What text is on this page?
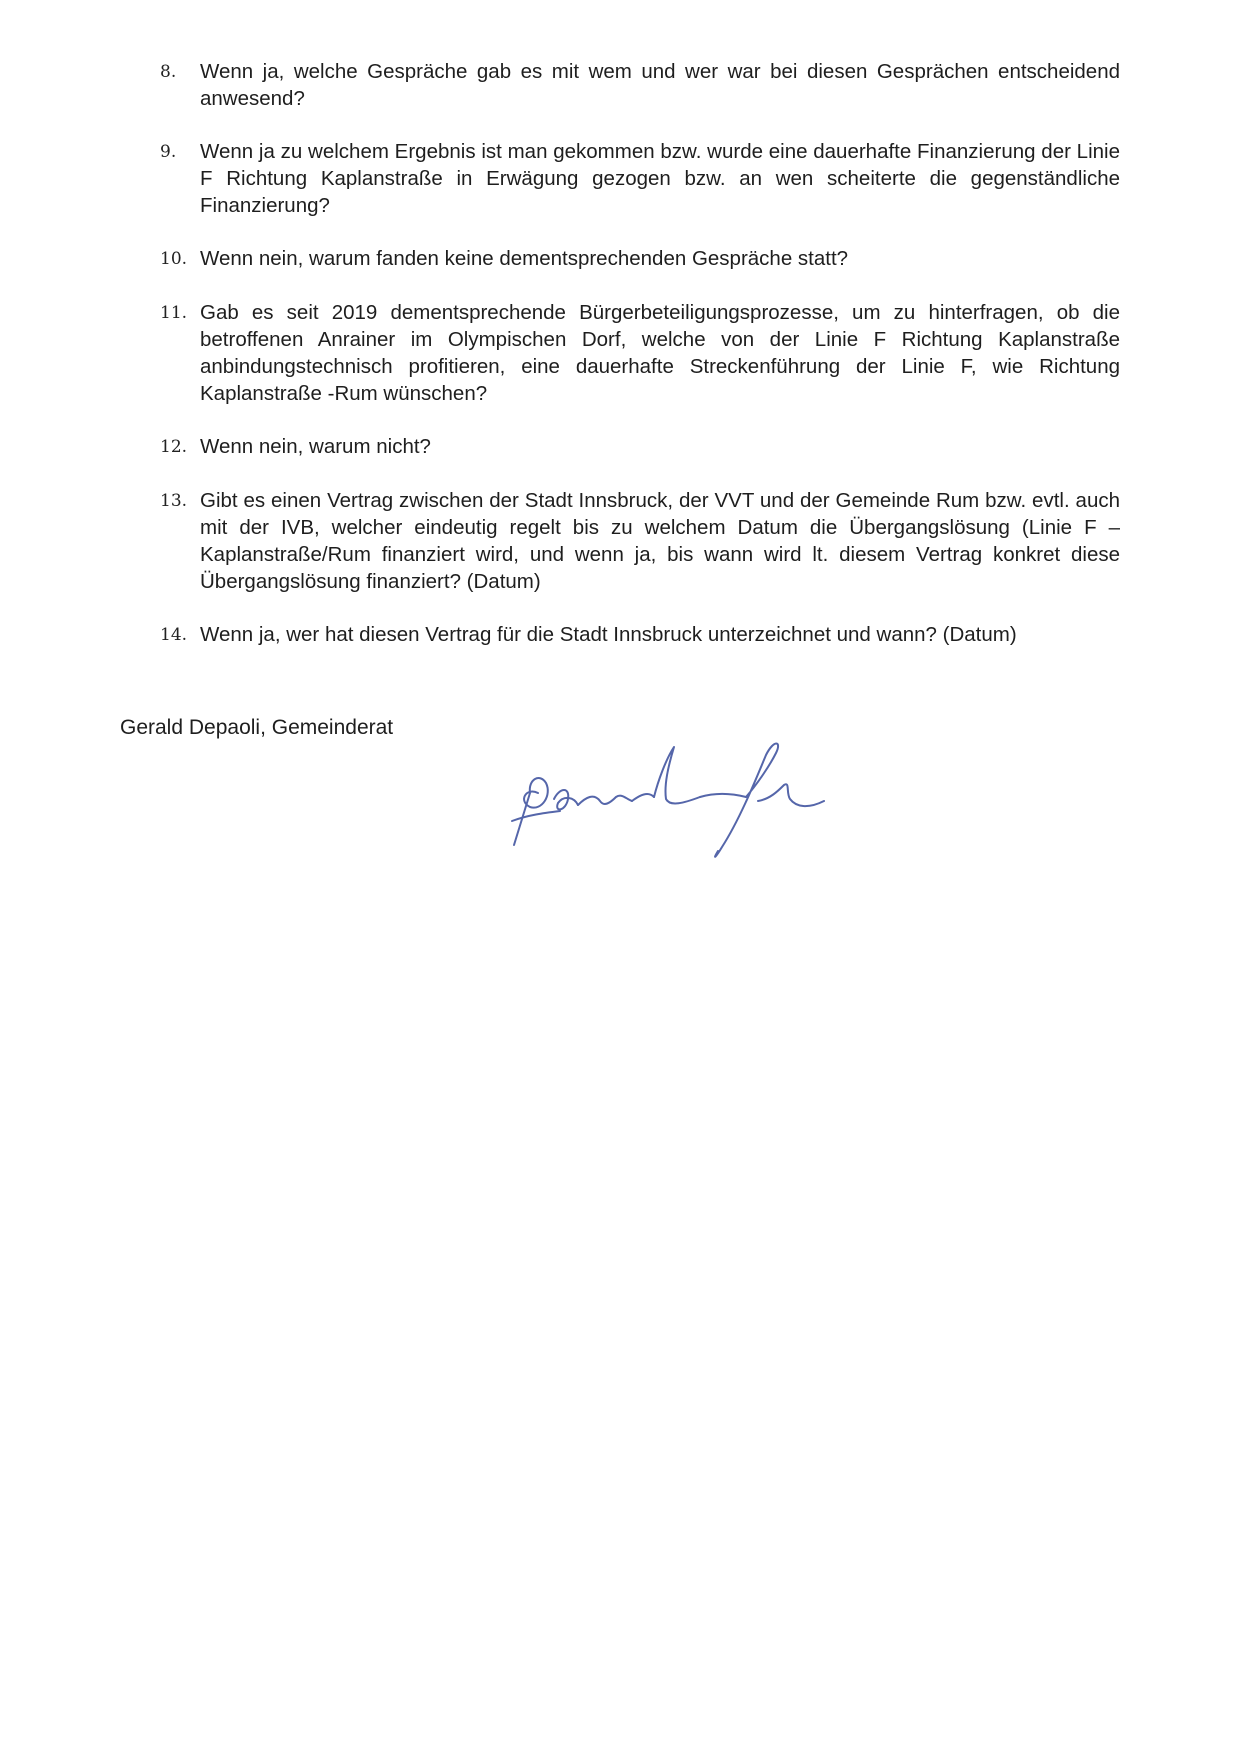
8.	Wenn ja, welche Gespräche gab es mit wem und wer war bei diesen Gesprächen entscheidend anwesend?
9.	Wenn ja zu welchem Ergebnis ist man gekommen bzw. wurde eine dauerhafte Finanzierung der Linie F Richtung Kaplanstraße in Erwägung gezogen bzw. an wen scheiterte die gegenständliche Finanzierung?
10. Wenn nein, warum fanden keine dementsprechenden Gespräche statt?
11. Gab es seit 2019 dementsprechende Bürgerbeteiligungsprozesse, um zu hinterfragen, ob die betroffenen Anrainer im Olympischen Dorf, welche von der Linie F Richtung Kaplanstraße anbindungstechnisch profitieren, eine dauerhafte Streckenführung der Linie F, wie Richtung Kaplanstraße -Rum wünschen?
12. Wenn nein, warum nicht?
13. Gibt es einen Vertrag zwischen der Stadt Innsbruck, der VVT und der Gemeinde Rum bzw. evtl. auch mit der IVB, welcher eindeutig regelt bis zu welchem Datum die Übergangslösung (Linie F – Kaplanstraße/Rum finanziert wird, und wenn ja, bis wann wird lt. diesem Vertrag konkret diese Übergangslösung finanziert? (Datum)
14. Wenn ja, wer hat diesen Vertrag für die Stadt Innsbruck unterzeichnet und wann? (Datum)
Gerald Depaoli, Gemeinderat
